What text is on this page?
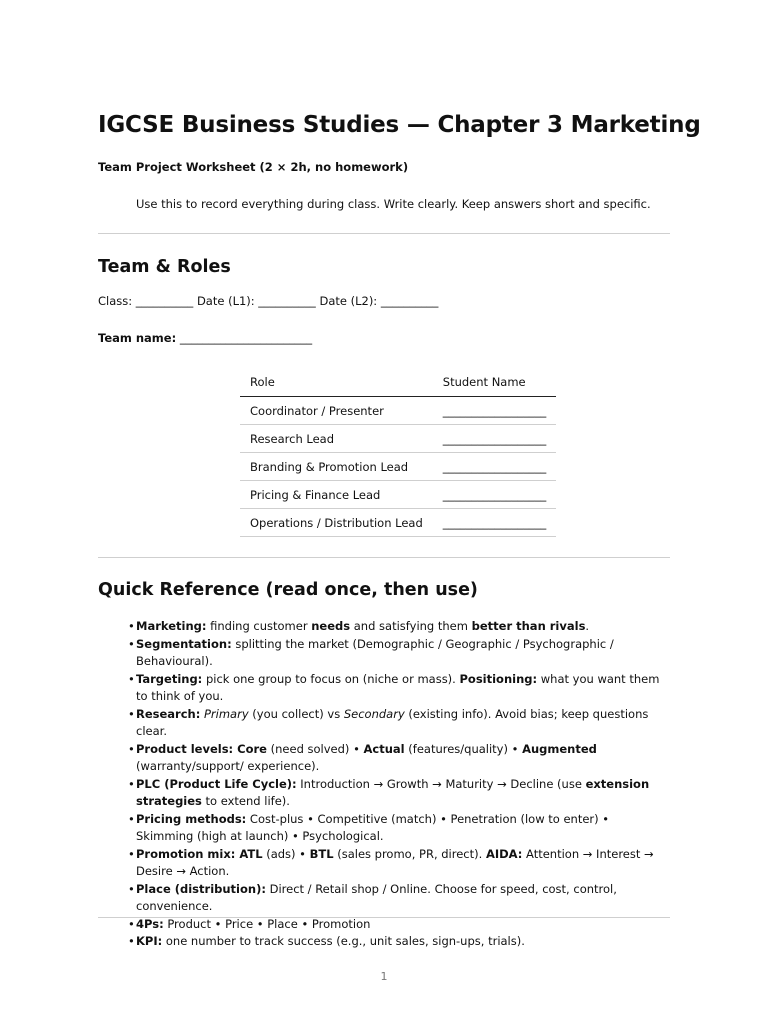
IGCSE Business Studies — Chapter 3 Marketing
Team Project Worksheet (2 × 2h, no homework)
Use this to record everything during class. Write clearly. Keep answers short and specific.
Team & Roles
Class: __________ Date (L1): __________ Date (L2): __________
Team name: _______________________
Role	Student Name
Coordinator / Presenter	__________________
Research Lead	__________________
Branding & Promotion Lead	__________________
Pricing & Finance Lead	__________________
Operations / Distribution Lead	__________________
Quick Reference (read once, then use)
• Marketing: finding customer needs and satisfying them better than rivals.
• Segmentation: splitting the market (Demographic / Geographic / Psychographic / Behavioural).
• Targeting: pick one group to focus on (niche or mass). Positioning: what you want them to think of you.
• Research: Primary (you collect) vs Secondary (existing info). Avoid bias; keep questions clear.
• Product levels: Core (need solved) • Actual (features/quality) • Augmented (warranty/support/ experience).
• PLC (Product Life Cycle): Introduction → Growth → Maturity → Decline (use extension strategies to extend life).
• Pricing methods: Cost-plus • Competitive (match) • Penetration (low to enter) • Skimming (high at launch) • Psychological.
• Promotion mix: ATL (ads) • BTL (sales promo, PR, direct). AIDA: Attention → Interest → Desire → Action.
• Place (distribution): Direct / Retail shop / Online. Choose for speed, cost, control, convenience.
• 4Ps: Product • Price • Place • Promotion
• KPI: one number to track success (e.g., unit sales, sign-ups, trials).
1
